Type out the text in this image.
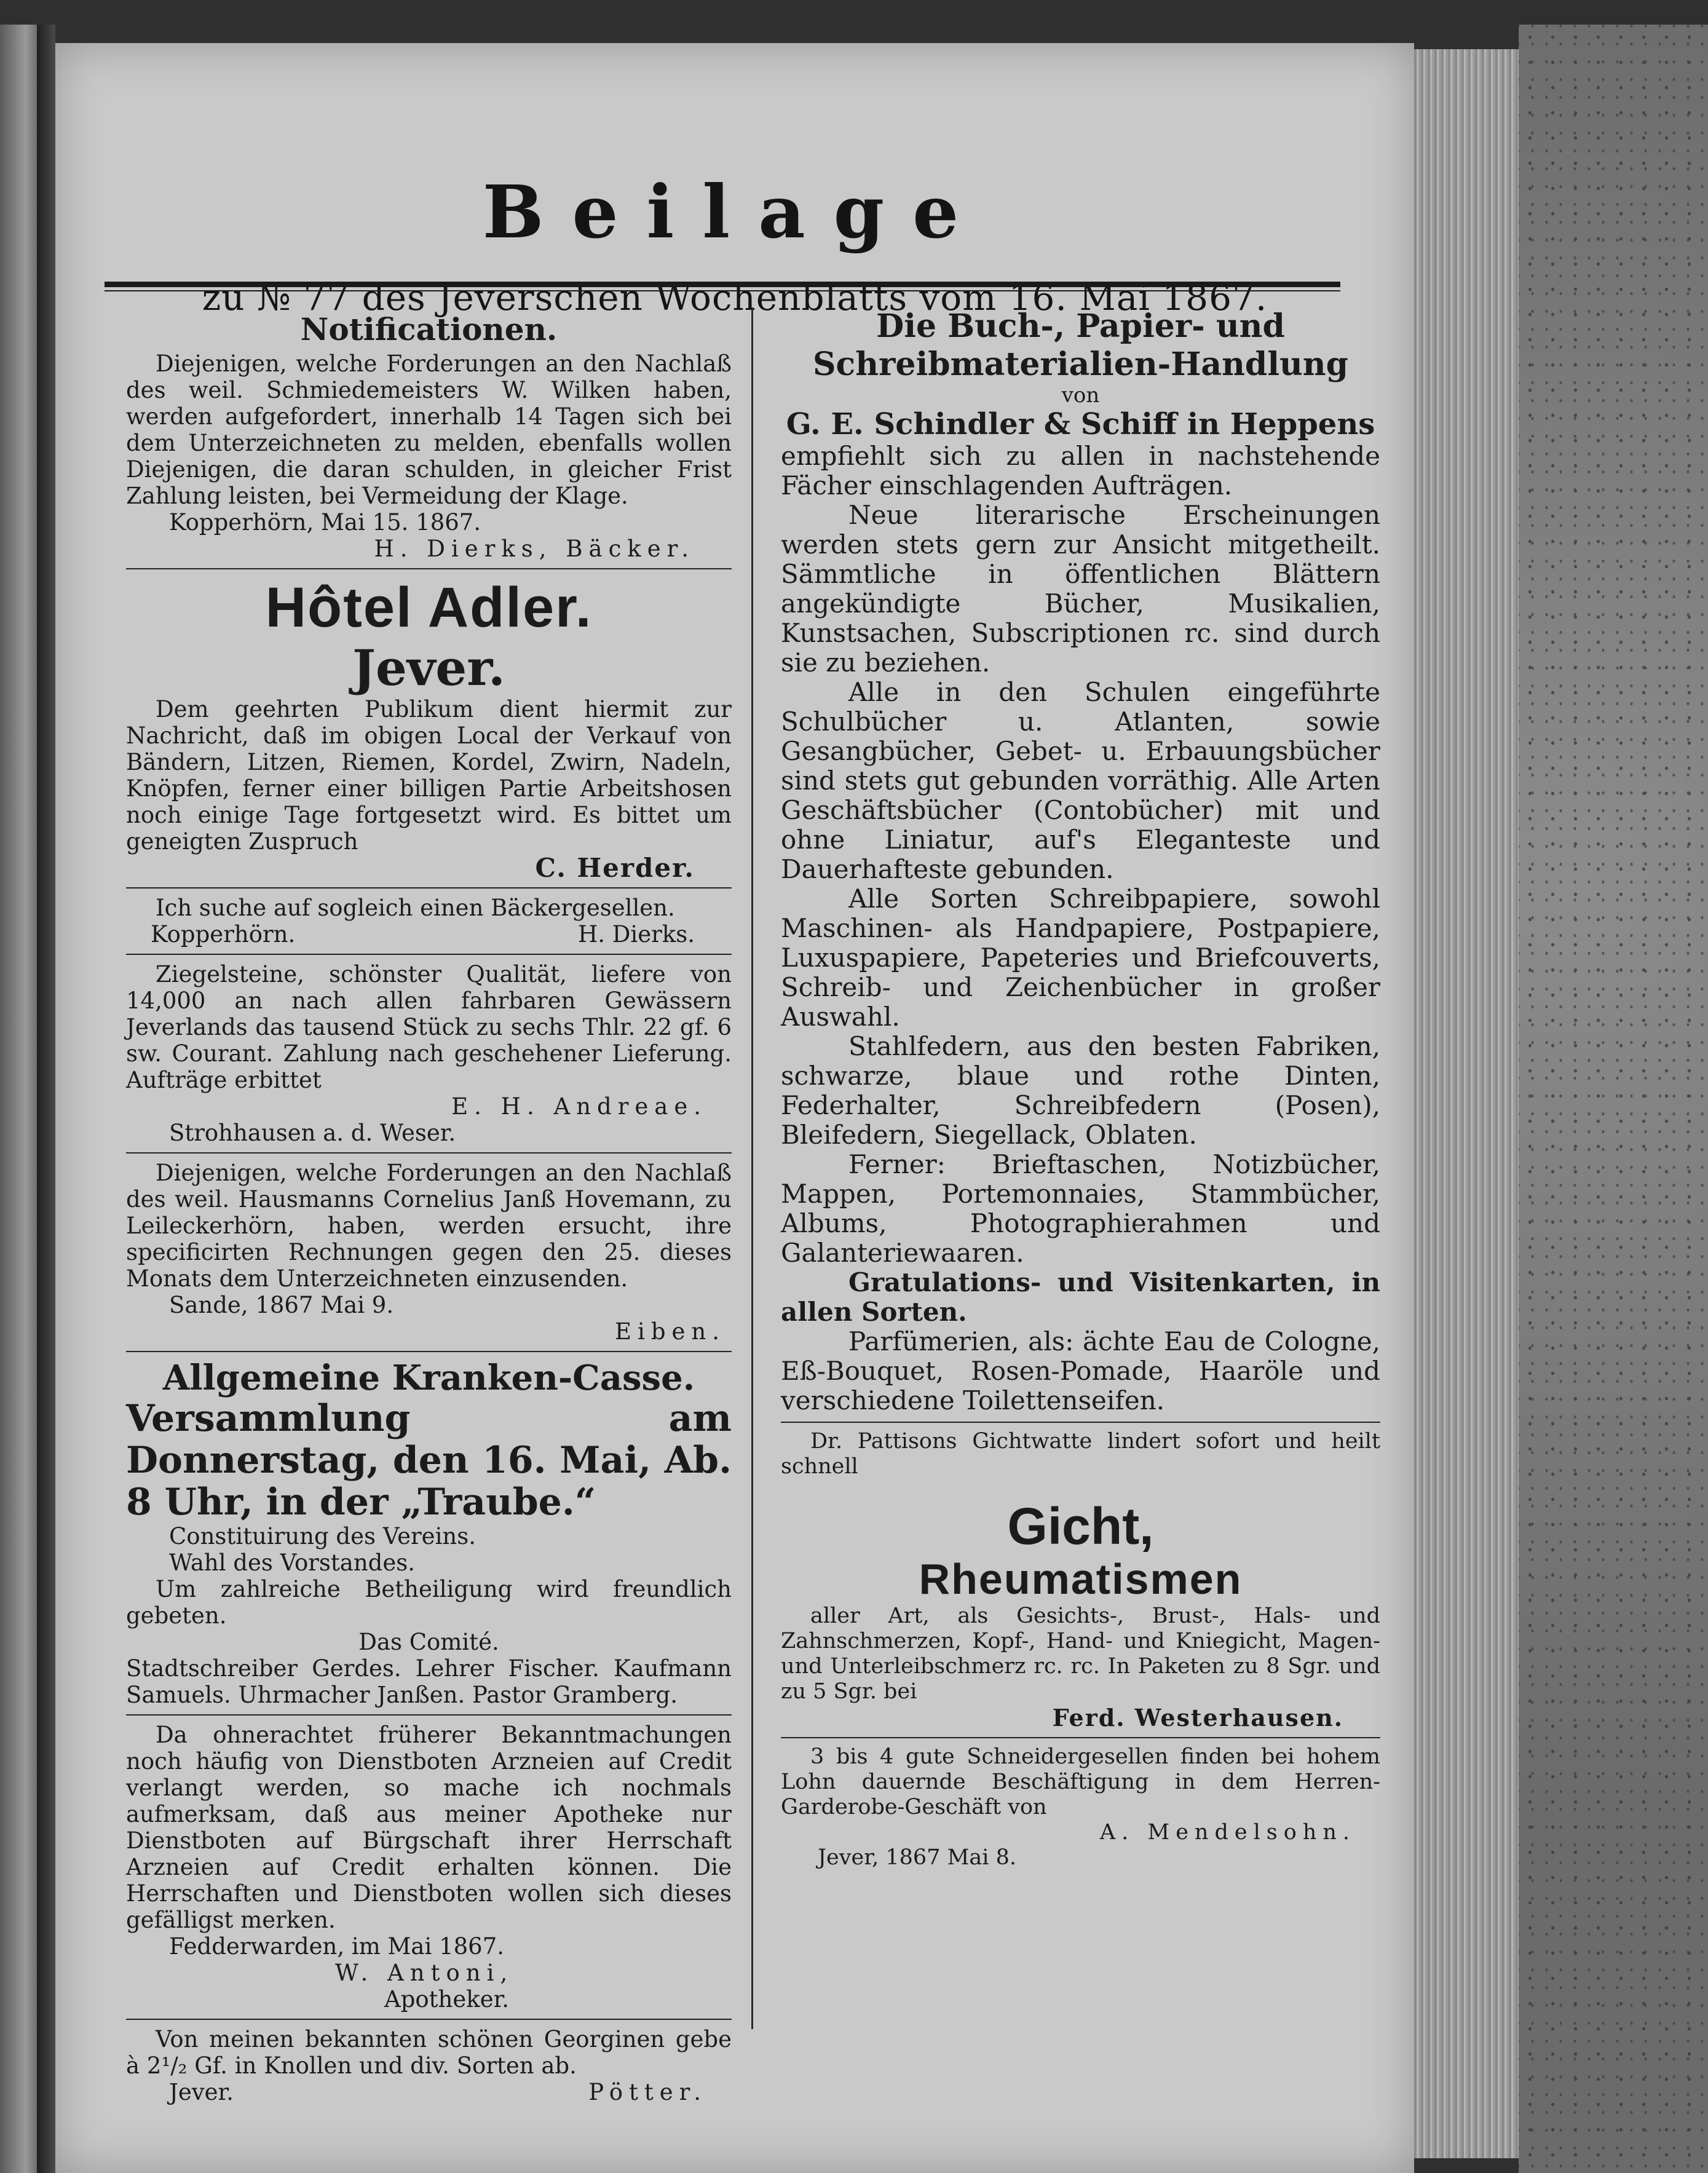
Beilage
zu № 77 des Jeverschen Wochenblatts vom 16. Mai 1867.
Notificationen.

Diejenigen, welche Forderungen an den Nachlaß des weil. Schmiedemeisters W. Wilken haben, werden aufgefordert, innerhalb 14 Tagen sich bei dem Unterzeichneten zu melden, ebenfalls wollen Diejenigen, die daran schulden, in gleicher Frist Zahlung leisten, bei Vermeidung der Klage.

Kopperhörn, Mai 15. 1867.
H. Dierks, Bäcker.
Hôtel Adler.
Jever.

Dem geehrten Publikum dient hiermit zur Nachricht, daß im obigen Local der Verkauf von Bändern, Litzen, Riemen, Kordel, Zwirn, Nadeln, Knöpfen, ferner einer billigen Partie Arbeitshosen noch einige Tage fortgesetzt wird. Es bittet um geneigten Zuspruch

C. Herder.

Ich suche auf sogleich einen Bäckergesellen.

Kopperhörn.	H. Dierks.

Ziegelsteine, schönster Qualität, liefere von 14,000 an nach allen fahrbaren Gewässern Jeverlands das tausend Stück zu sechs Thlr. 22 gf. 6 sw. Courant. Zahlung nach geschehener Lieferung. Aufträge erbittet

E. H. Andreae.
Strohhausen a. d. Weser.

Diejenigen, welche Forderungen an den Nachlaß des weil. Hausmanns Cornelius Janß Hovemann, zu Leileckerhörn, haben, werden ersucht, ihre specificirten Rechnungen gegen den 25. dieses Monats dem Unterzeichneten einzusenden.

Sande, 1867 Mai 9.
Eiben.
Allgemeine Kranken-Casse.
Versammlung am Donnerstag, den 16. Mai, Ab. 8 Uhr, in der „Traube.“
Constituirung des Vereins.
Wahl des Vorstandes.

Um zahlreiche Betheiligung wird freundlich gebeten.

Das Comité.

Stadtschreiber Gerdes. Lehrer Fischer. Kaufmann Samuels. Uhrmacher Janßen. Pastor Gramberg.

Da ohnerachtet früherer Bekanntmachungen noch häufig von Dienstboten Arzneien auf Credit verlangt werden, so mache ich nochmals aufmerksam, daß aus meiner Apotheke nur Dienstboten auf Bürgschaft ihrer Herrschaft Arzneien auf Credit erhalten können. Die Herrschaften und Dienstboten wollen sich dieses gefälligst merken.

Fedderwarden, im Mai 1867.
W. Antoni,
Apotheker.

Von meinen bekannten schönen Georginen gebe à 2¹/₂ Gf. in Knollen und div. Sorten ab.

Jever.	Pötter.
Die Buch-, Papier- und Schreibmaterialien-Handlung
von
G. E. Schindler & Schiff in Heppens

empfiehlt sich zu allen in nachstehende Fächer einschlagenden Aufträgen.

Neue literarische Erscheinungen werden stets gern zur Ansicht mitgetheilt. Sämmtliche in öffentlichen Blättern angekündigte Bücher, Musikalien, Kunstsachen, Subscriptionen rc. sind durch sie zu beziehen.

Alle in den Schulen eingeführte Schulbücher u. Atlanten, sowie Gesangbücher, Gebet- u. Erbauungsbücher sind stets gut gebunden vorräthig. Alle Arten Geschäftsbücher (Contobücher) mit und ohne Liniatur, auf's Eleganteste und Dauerhafteste gebunden.

Alle Sorten Schreibpapiere, sowohl Maschinen- als Handpapiere, Postpapiere, Luxuspapiere, Papeteries und Briefcouverts, Schreib- und Zeichenbücher in großer Auswahl.

Stahlfedern, aus den besten Fabriken, schwarze, blaue und rothe Dinten, Federhalter, Schreibfedern (Posen), Bleifedern, Siegellack, Oblaten.

Ferner: Brieftaschen, Notizbücher, Mappen, Portemonnaies, Stammbücher, Albums, Photographierahmen und Galanteriewaaren.

Gratulations- und Visitenkarten, in allen Sorten.

Parfümerien, als: ächte Eau de Cologne, Eß-Bouquet, Rosen-Pomade, Haaröle und verschiedene Toilettenseifen.

Dr. Pattisons Gichtwatte lindert sofort und heilt schnell

Gicht,
Rheumatismen

aller Art, als Gesichts-, Brust-, Hals- und Zahnschmerzen, Kopf-, Hand- und Kniegicht, Magen- und Unterleibschmerz rc. rc. In Paketen zu 8 Sgr. und zu 5 Sgr. bei

Ferd. Westerhausen.

3 bis 4 gute Schneidergesellen finden bei hohem Lohn dauernde Beschäftigung in dem Herren-Garderobe-Geschäft von

A. Mendelsohn.
Jever, 1867 Mai 8.
